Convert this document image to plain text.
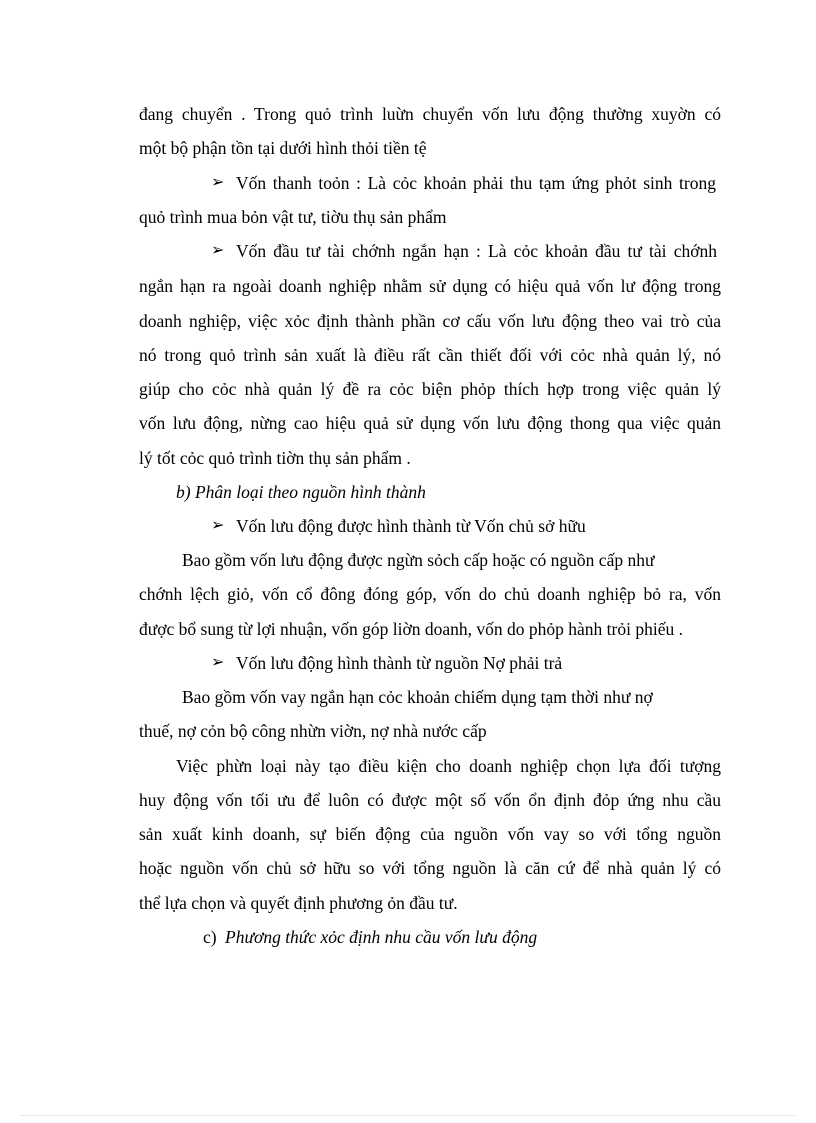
đang chuyển . Trong quỏ trình luừn chuyển vốn lưu động thường xuyờn có
một bộ phận tồn tại dưới hình thỏi tiền tệ
➢ Vốn thanh toỏn : Là cỏc khoản phải thu tạm ứng phỏt sinh trong
quỏ trình mua bỏn vật tư, tiờu thụ sản phẩm
➢ Vốn đầu tư tài chớnh ngắn hạn : Là cỏc khoản đầu tư tài chớnh
ngắn hạn ra ngoài doanh nghiệp nhằm sử dụng có hiệu quả vốn lư động trong
doanh nghiệp, việc xỏc định thành phần cơ cấu vốn lưu động theo vai trò của
nó trong quỏ trình sản xuất là điều rất cần thiết đối với cỏc nhà quản lý, nó
giúp cho cỏc nhà quản lý đề ra cỏc biện phỏp thích hợp trong việc quản lý
vốn lưu động, nừng cao hiệu quả sử dụng vốn lưu động thong qua việc quản
lý tốt cỏc quỏ trình tiờn thụ sản phẩm .
b) Phân loại theo nguồn hình thành
➢ Vốn lưu động được hình thành từ Vốn chủ sở hữu
Bao gồm vốn lưu động được ngừn sỏch cấp hoặc có nguồn cấp như
chớnh lệch giỏ, vốn cổ đông đóng góp, vốn do chủ doanh nghiệp bỏ ra, vốn
được bổ sung từ lợi nhuận, vốn góp liờn doanh, vốn do phỏp hành trỏi phiếu .
➢ Vốn lưu động hình thành từ nguồn Nợ phải trả
Bao gồm vốn vay ngắn hạn cỏc khoản chiếm dụng tạm thời như nợ
thuế, nợ cỏn bộ công nhừn viờn, nợ nhà nước cấp
Việc phừn loại này tạo điều kiện cho doanh nghiệp chọn lựa đối tượng
huy động vốn tối ưu để luôn có được một số vốn ổn định đỏp ứng nhu cầu
sản xuất kinh doanh, sự biến động của nguồn vốn vay so với tổng nguồn
hoặc nguồn vốn chủ sở hữu so với tổng nguồn là căn cứ để nhà quản lý có
thể lựa chọn và quyết định phương ỏn đầu tư.
c) Phương thức xỏc định nhu cầu vốn lưu động
